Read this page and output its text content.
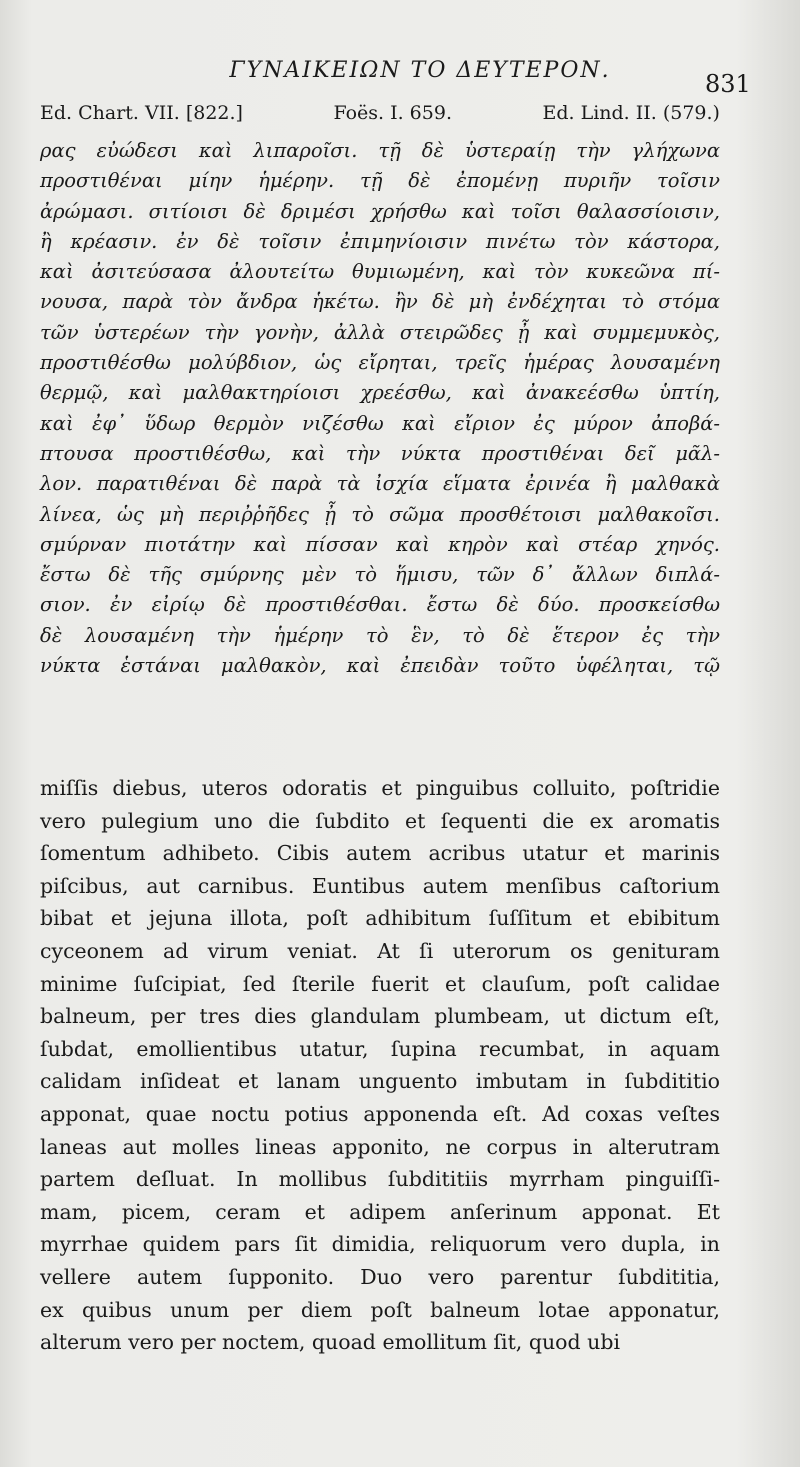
ΓΥΝΑΙΚΕΙΩΝ ΤΟ ΔΕΥΤΕΡΟΝ.	831
Ed. Chart. VII. [822.]	Foës. I. 659.	Ed. Lind. II. (579.)
ρας εὐώδεσι καὶ λιπαροῖσι. τῇ δὲ ὑστεραίῃ τὴν γλήχωνα
προστιθέναι μίην ἡμέρην. τῇ δὲ ἐπομένῃ πυριῆν τοῖσιν
ἀρώμασι. σιτίοισι δὲ δριμέσι χρήσθω καὶ τοῖσι θαλασσίοισιν,
ἢ κρέασιν. ἐν δὲ τοῖσιν ἐπιμηνίοισιν πινέτω τὸν κάστορα,
καὶ ἀσιτεύσασα ἀλουτείτω θυμιωμένη, καὶ τὸν κυκεῶνα πί-
νουσα, παρὰ τὸν ἄνδρα ἡκέτω. ἢν δὲ μὴ ἐνδέχηται τὸ στόμα
τῶν ὑστερέων τὴν γονὴν, ἀλλὰ στειρῶδες ᾖ καὶ συμμεμυκὸς,
προστιθέσθω μολύβδιον, ὡς εἴρηται, τρεῖς ἡμέρας λουσαμένη
θερμῷ, καὶ μαλθακτηρίοισι χρεέσθω, καὶ ἀνακεέσθω ὑπτίη,
καὶ ἐφ᾽ ὕδωρ θερμὸν νιζέσθω καὶ εἴριον ἐς μύρον ἀποβά-
πτουσα προστιθέσθω, καὶ τὴν νύκτα προστιθέναι δεῖ μᾶλ-
λον. παρατιθέναι δὲ παρὰ τὰ ἰσχία εἵματα ἐρινέα ἢ μαλθακὰ
λίνεα, ὡς μὴ περιῤῥῆδες ᾖ τὸ σῶμα προσθέτοισι μαλθακοῖσι.
σμύρναν πιοτάτην καὶ πίσσαν καὶ κηρὸν καὶ στέαρ χηνός.
ἔστω δὲ τῆς σμύρνης μὲν τὸ ἥμισυ, τῶν δ᾽ ἄλλων διπλά-
σιον. ἐν εἰρίῳ δὲ προστιθέσθαι. ἔστω δὲ δύο. προσκείσθω
δὲ λουσαμένη τὴν ἡμέρην τὸ ἓν, τὸ δὲ ἕτερον ἐς τὴν
νύκτα ἑστάναι μαλθακὸν, καὶ ἐπειδὰν τοῦτο ὑφέληται, τῷ
miſſis diebus, uteros odoratis et pinguibus colluito, poſtridie
vero pulegium uno die ſubdito et ſequenti die ex aromatis
ſomentum adhibeto. Cibis autem acribus utatur et marinis
piſcibus, aut carnibus. Euntibus autem menſibus caſtorium
bibat et jejuna illota, poſt adhibitum ſuſſitum et ebibitum
cyceonem ad virum veniat. At ſi uterorum os genituram
minime ſuſcipiat, ſed ſterile fuerit et clauſum, poſt calidae
balneum, per tres dies glandulam plumbeam, ut dictum eſt,
ſubdat, emollientibus utatur, ſupina recumbat, in aquam
calidam inſideat et lanam unguento imbutam in ſubdititio
apponat, quae noctu potius apponenda eſt. Ad coxas veſtes
laneas aut molles lineas apponito, ne corpus in alterutram
partem deſluat. In mollibus ſubdititiis myrrham pinguiſſi-
mam, picem, ceram et adipem anſerinum apponat. Et
myrrhae quidem pars ſit dimidia, reliquorum vero dupla, in
vellere autem ſupponito. Duo vero parentur ſubdititia,
ex quibus unum per diem poſt balneum lotae apponatur,
alterum vero per noctem, quoad emollitum ſit, quod ubi
